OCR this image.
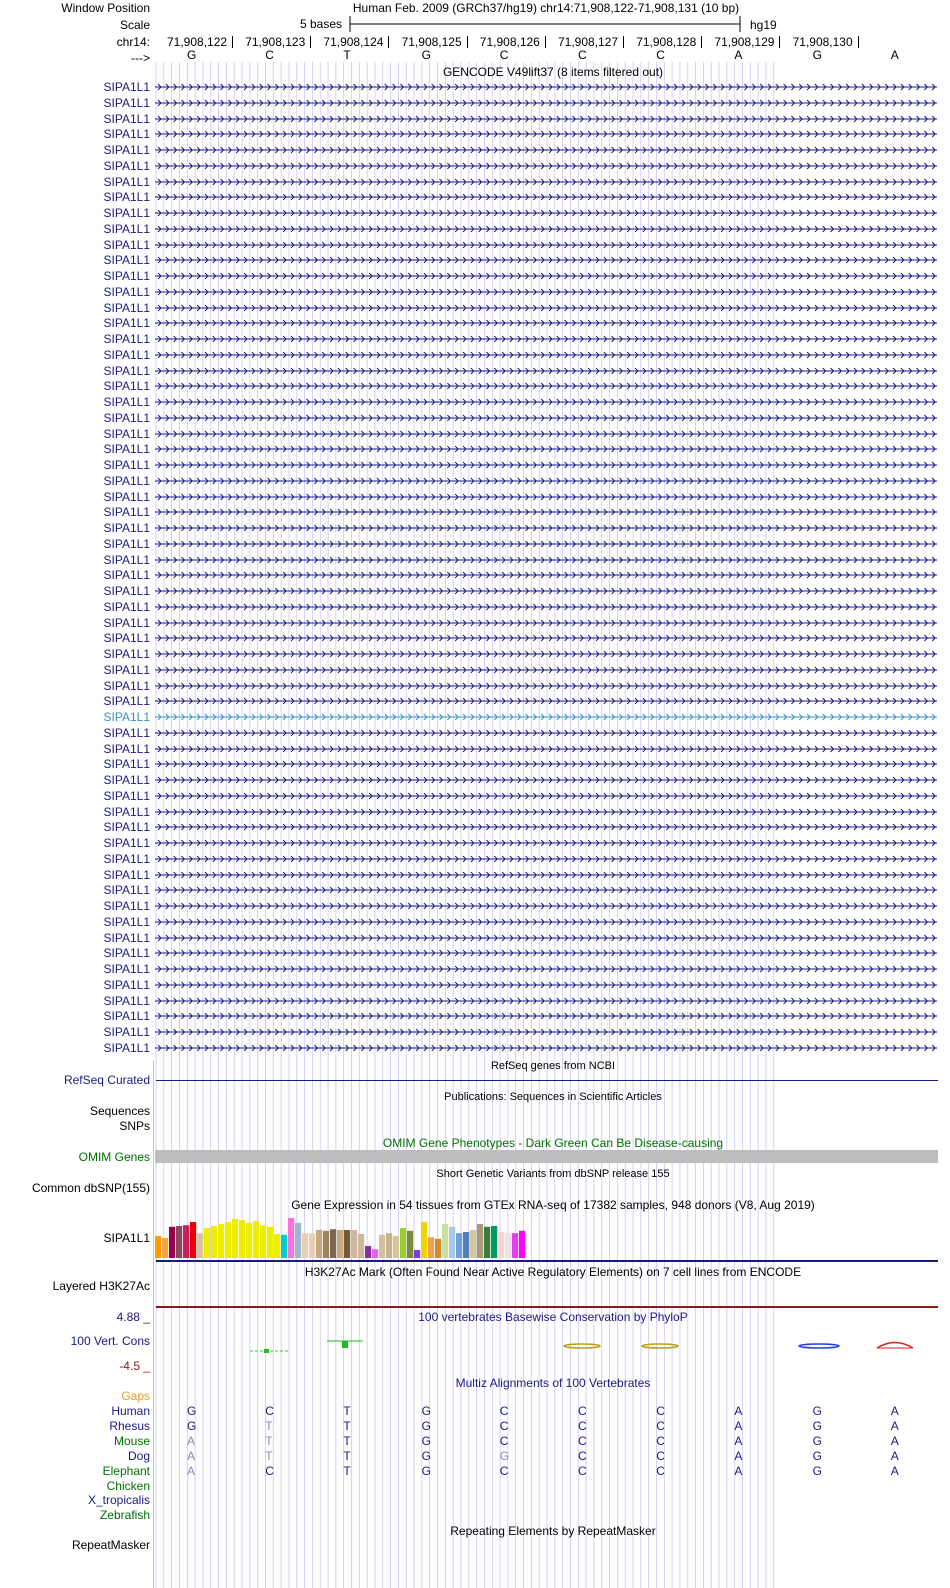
Window Position
Scale
chr14:
--->
Human Feb. 2009 (GRCh37/hg19) chr14:71,908,122-71,908,131 (10 bp)
5 bases	hg19
71,908,122 71,908,123 71,908,124 71,908,125 71,908,126 71,908,127 71,908,128 71,908,129 71,908,130
G	C	T	G	C	C	C	A	G	A
GENCODE V49lift37 (8 items filtered out)
SIPA1L1
SIPA1L1
SIPA1L1
SIPA1L1
SIPA1L1
SIPA1L1
SIPA1L1
SIPA1L1
SIPA1L1
SIPA1L1
SIPA1L1
SIPA1L1
SIPA1L1
SIPA1L1
SIPA1L1
SIPA1L1
SIPA1L1
SIPA1L1
SIPA1L1
SIPA1L1
SIPA1L1
SIPA1L1
SIPA1L1
SIPA1L1
SIPA1L1
SIPA1L1
SIPA1L1
SIPA1L1
SIPA1L1
SIPA1L1
SIPA1L1
SIPA1L1
SIPA1L1
SIPA1L1
SIPA1L1
SIPA1L1
SIPA1L1
SIPA1L1
SIPA1L1
SIPA1L1
SIPA1L1
SIPA1L1
SIPA1L1
SIPA1L1
SIPA1L1
SIPA1L1
SIPA1L1
SIPA1L1
SIPA1L1
SIPA1L1
SIPA1L1
SIPA1L1
SIPA1L1
SIPA1L1
SIPA1L1
SIPA1L1
SIPA1L1
SIPA1L1
SIPA1L1
SIPA1L1
SIPA1L1
SIPA1L1
RefSeq genes from NCBI
RefSeq Curated
Publications: Sequences in Scientific Articles
Sequences
SNPs
OMIM Gene Phenotypes - Dark Green Can Be Disease-causing
OMIM Genes
Short Genetic Variants from dbSNP release 155
Common dbSNP(155)
Gene Expression in 54 tissues from GTEx RNA-seq of 17382 samples, 948 donors (V8, Aug 2019)
SIPA1L1
H3K27Ac Mark (Often Found Near Active Regulatory Elements) on 7 cell lines from ENCODE
Layered H3K27Ac
100 vertebrates Basewise Conservation by PhyloP
4.88 _
100 Vert. Cons
-4.5 _
Multiz Alignments of 100 Vertebrates
Gaps
Human	G	C	T	G	C	C	C	A	G	A
Rhesus	G	T	T	G	C	C	C	A	G	A
Mouse	A	T	T	G	C	C	C	A	G	A
Dog	A	T	T	G	G	C	C	A	G	A
Elephant	A	C	T	G	C	C	C	A	G	A
Chicken
X_tropicalis
Zebrafish
Repeating Elements by RepeatMasker
RepeatMasker
